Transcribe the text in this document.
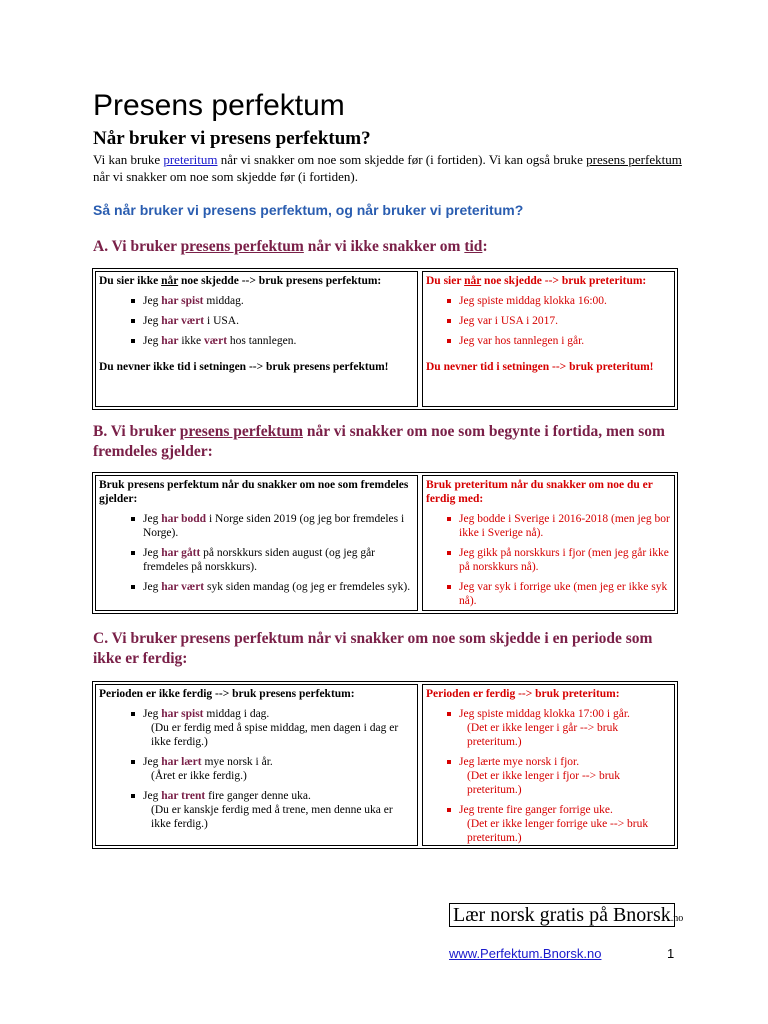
Presens perfektum
Når bruker vi presens perfektum?
Vi kan bruke preteritum når vi snakker om noe som skjedde før (i fortiden). Vi kan også bruke presens perfektum når vi snakker om noe som skjedde før (i fortiden).
Så når bruker vi presens perfektum, og når bruker vi preteritum?
A. Vi bruker presens perfektum når vi ikke snakker om tid:
Du sier ikke når noe skjedde --> bruk presens perfektum:
Jeg har spist middag.
Jeg har vært i USA.
Jeg har ikke vært hos tannlegen.
Du nevner ikke tid i setningen --> bruk presens perfektum!
Du sier når noe skjedde --> bruk preteritum:
Jeg spiste middag klokka 16:00.
Jeg var i USA i 2017.
Jeg var hos tannlegen i går.
Du nevner tid i setningen --> bruk preteritum!
B. Vi bruker presens perfektum når vi snakker om noe som begynte i fortida, men som fremdeles gjelder:
Bruk presens perfektum når du snakker om noe som fremdeles gjelder:
Jeg har bodd i Norge siden 2019 (og jeg bor fremdeles i Norge).
Jeg har gått på norskkurs siden august (og jeg går fremdeles på norskkurs).
Jeg har vært syk siden mandag (og jeg er fremdeles syk).
Bruk preteritum når du snakker om noe du er ferdig med:
Jeg bodde i Sverige i 2016-2018 (men jeg bor ikke i Sverige nå).
Jeg gikk på norskkurs i fjor (men jeg går ikke på norskkurs nå).
Jeg var syk i forrige uke (men jeg er ikke syk nå).
C. Vi bruker presens perfektum når vi snakker om noe som skjedde i en periode som ikke er ferdig:
Perioden er ikke ferdig --> bruk presens perfektum:
Jeg har spist middag i dag.
(Du er ferdig med å spise middag, men dagen i dag er ikke ferdig.)
Jeg har lært mye norsk i år.
(Året er ikke ferdig.)
Jeg har trent fire ganger denne uka.
(Du er kanskje ferdig med å trene, men denne uka er ikke ferdig.)
Perioden er ferdig --> bruk preteritum:
Jeg spiste middag klokka 17:00 i går.
(Det er ikke lenger i går --> bruk preteritum.)
Jeg lærte mye norsk i fjor.
(Det er ikke lenger i fjor --> bruk preteritum.)
Jeg trente fire ganger forrige uke.
(Det er ikke lenger forrige uke --> bruk preteritum.)
Lær norsk gratis på Bnorsk.no
www.Perfektum.Bnorsk.no	1
